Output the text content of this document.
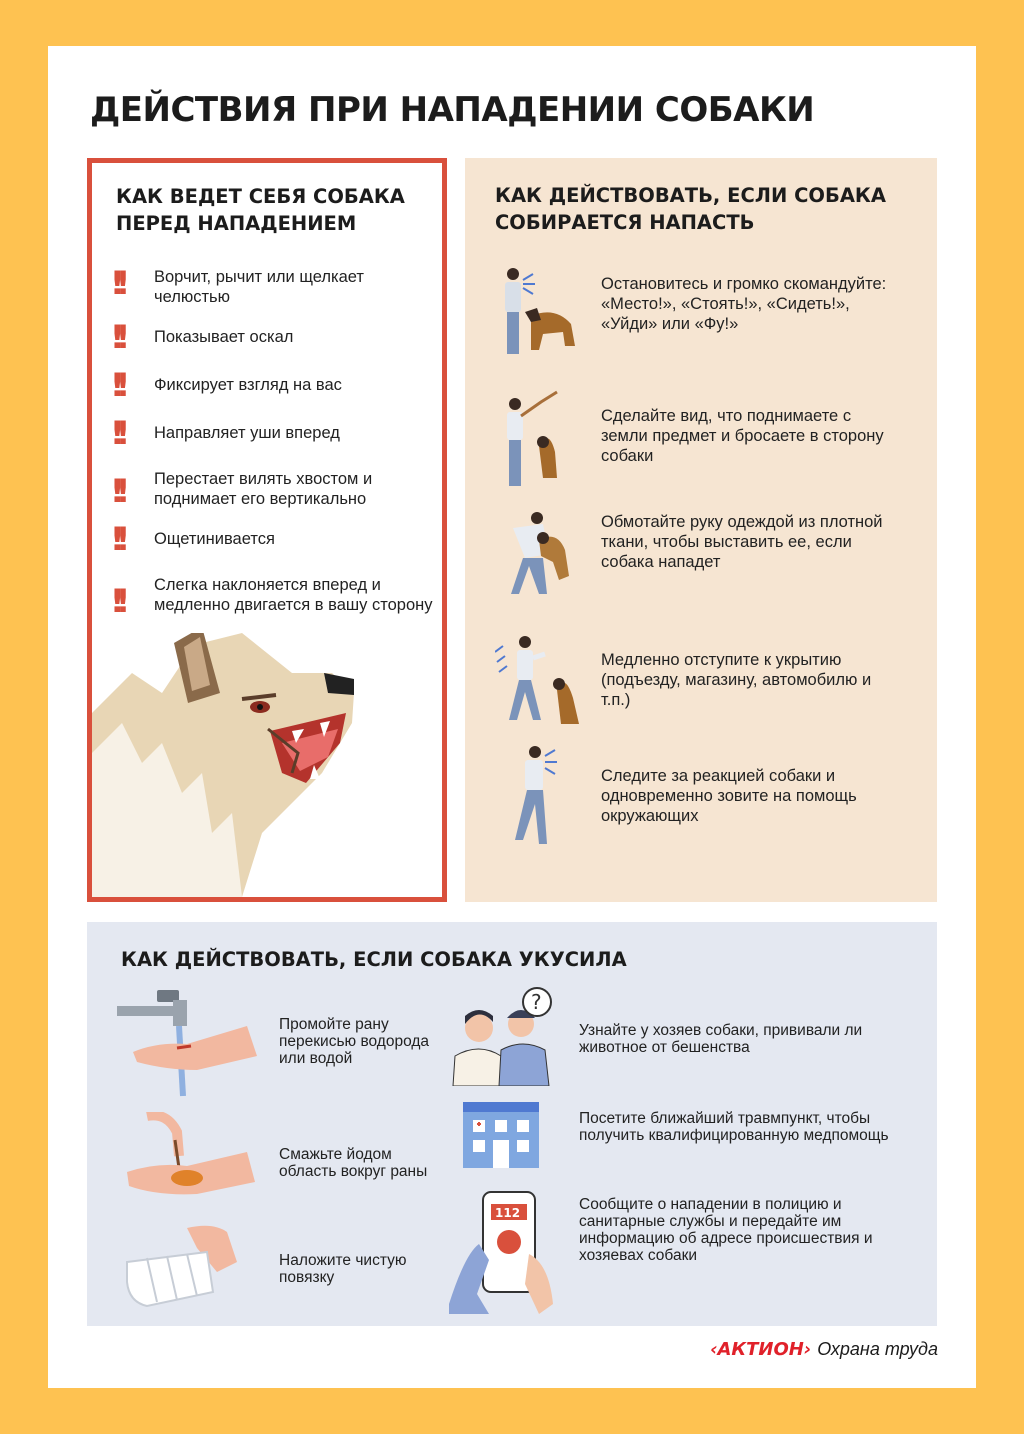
ДЕЙСТВИЯ ПРИ НАПАДЕНИИ СОБАКИ
КАК ВЕДЕТ СЕБЯ СОБАКА ПЕРЕД НАПАДЕНИЕМ
!! Ворчит, рычит или щелкает челюстью
!! Показывает оскал
!! Фиксирует взгляд на вас
!! Направляет уши вперед
!! Перестает вилять хвостом и поднимает его вертикально
!! Ощетинивается
!! Слегка наклоняется вперед и медленно двигается в вашу сторону
КАК ДЕЙСТВОВАТЬ, ЕСЛИ СОБАКА СОБИРАЕТСЯ НАПАСТЬ
Остановитесь и громко скомандуйте: «Место!», «Стоять!», «Сидеть!», «Уйди» или «Фу!»
Сделайте вид, что поднимаете с земли предмет и бросаете в сторону собаки
Обмотайте руку одеждой из плотной ткани, чтобы выставить ее, если собака нападет
Медленно отступите к укрытию (подъезду, магазину, автомобилю и т.п.)
Следите за реакцией собаки и одновременно зовите на помощь окружающих
КАК ДЕЙСТВОВАТЬ, ЕСЛИ СОБАКА УКУСИЛА
Промойте рану перекисью водорода или водой
Смажьте йодом область вокруг раны
Наложите чистую повязку
?
Узнайте у хозяев собаки, прививали ли животное от бешенства
Посетите ближайший травмпункт, чтобы получить квалифицированную медпомощь
112	Сообщите о нападении в полицию и санитарные службы и передайте им информацию об адресе происшествия и хозяевах собаки
‹АКТИОН› Охрана труда
